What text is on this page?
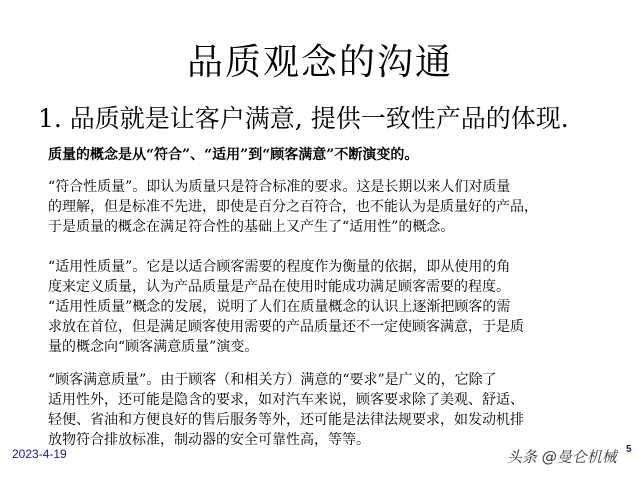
品质观念的沟通
1. 品质就是让客户满意, 提供一致性产品的体现.
质量的概念是从“符合”、“适用”到“顾客满意”不断演变的。
“符合性质量”。即认为质量只是符合标准的要求。这是长期以来人们对质量
的理解，但是标准不先进，即使是百分之百符合，也不能认为是质量好的产品，
于是质量的概念在满足符合性的基础上又产生了“适用性”的概念。
“适用性质量”。它是以适合顾客需要的程度作为衡量的依据，即从使用的角
度来定义质量，认为产品质量是产品在使用时能成功满足顾客需要的程度。
“适用性质量”概念的发展，说明了人们在质量概念的认识上逐渐把顾客的需
求放在首位，但是满足顾客使用需要的产品质量还不一定使顾客满意，于是质
量的概念向“顾客满意质量”演变。
“顾客满意质量”。由于顾客（和相关方）满意的“要求”是广义的，它除了
适用性外，还可能是隐含的要求，如对汽车来说，顾客要求除了美观、舒适、
轻便、省油和方便良好的售后服务等外，还可能是法律法规要求，如发动机排
放物符合排放标准，制动器的安全可靠性高，等等。
2023-4-19	头条 @曼仑机械 5
